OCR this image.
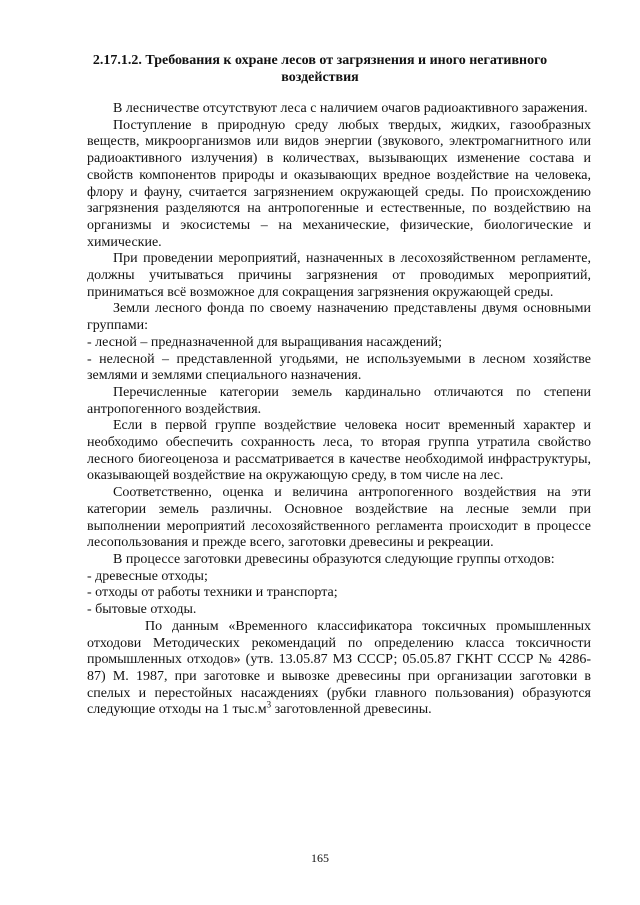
2.17.1.2. Требования к охране лесов от загрязнения и иного негативного воздействия

В лесничестве отсутствуют леса с наличием очагов радиоактивного заражения.

Поступление в природную среду любых твердых, жидких, газообразных веществ, микроорганизмов или видов энергии (звукового, электромагнитного или радиоактивного излучения) в количествах, вызывающих изменение состава и свойств компонентов природы и оказывающих вредное воздействие на человека, флору и фауну, считается загрязнением окружающей среды. По происхождению загрязнения разделяются на антропогенные и естественные, по воздействию на организмы и экосистемы – на механические, физические, биологические и химические.

При проведении мероприятий, назначенных в лесохозяйственном регламенте, должны учитываться причины загрязнения от проводимых мероприятий, приниматься всё возможное для сокращения загрязнения окружающей среды.

Земли лесного фонда по своему назначению представлены двумя основными группами:

- лесной – предназначенной для выращивания насаждений;

- нелесной – представленной угодьями, не используемыми в лесном хозяйстве землями и землями специального назначения.

Перечисленные категории земель кардинально отличаются по степени антропогенного воздействия.

Если в первой группе воздействие человека носит временный характер и необходимо обеспечить сохранность леса, то вторая группа утратила свойство лесного биогеоценоза и рассматривается в качестве необходимой инфраструктуры, оказывающей воздействие на окружающую среду, в том числе на лес.

Соответственно, оценка и величина антропогенного воздействия на эти категории земель различны. Основное воздействие на лесные земли при выполнении мероприятий лесохозяйственного регламента происходит в процессе лесопользования и прежде всего, заготовки древесины и рекреации.

В процессе заготовки древесины образуются следующие группы отходов:

- древесные отходы;

- отходы от работы техники и транспорта;

- бытовые отходы.

По данным «Временного классификатора токсичных промышленных отходови Методических рекомендаций по определению класса токсичности промышленных отходов» (утв. 13.05.87 МЗ СССР; 05.05.87 ГКНТ СССР № 4286-87) М. 1987, при заготовке и вывозке древесины при организации заготовки в спелых и перестойных насаждениях (рубки главного пользования) образуются следующие отходы на 1 $тыс.м^3$ заготовленной древесины.

165
